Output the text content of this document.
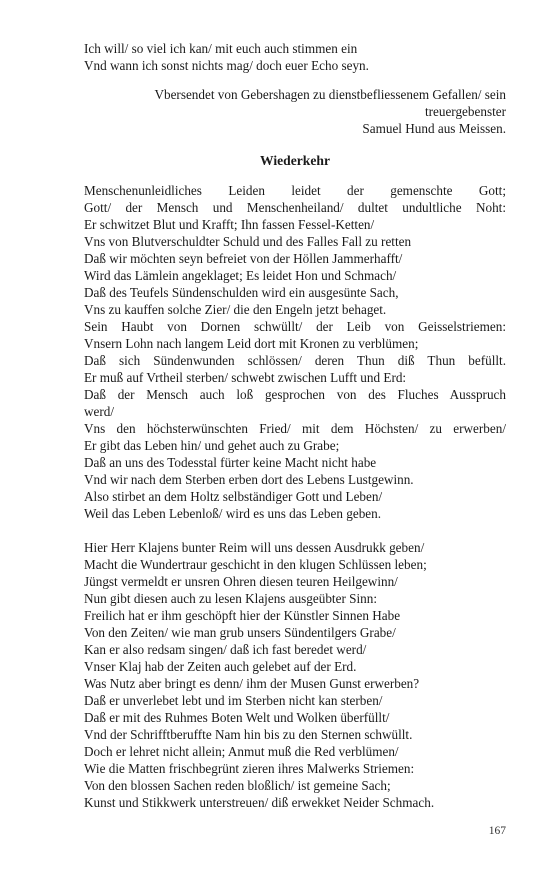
Ich will/ so viel ich kan/ mit euch auch stimmen ein
Vnd wann ich sonst nichts mag/ doch euer Echo seyn.
Vbersendet von Gebershagen zu dienstbefliessenem Gefallen/ sein
treuergebenster
Samuel Hund aus Meissen.
Wiederkehr
Menschenunleidliches Leiden leidet der gemenschte Gott;
Gott/ der Mensch und Menschenheiland/ dultet undultliche Noht:
Er schwitzet Blut und Krafft; Ihn fassen Fessel-Ketten/
Vns von Blutverschuldter Schuld und des Falles Fall zu retten
Daß wir möchten seyn befreiet von der Höllen Jammerhafft/
Wird das Lämlein angeklaget; Es leidet Hon und Schmach/
Daß des Teufels Sündenschulden wird ein ausgesünte Sach,
Vns zu kauffen solche Zier/ die den Engeln jetzt behaget.
Sein Haubt von Dornen schwüllt/ der Leib von Geisselstriemen:
Vnsern Lohn nach langem Leid dort mit Kronen zu verblümen;
Daß sich Sündenwunden schlössen/ deren Thun diß Thun befüllt.
Er muß auf Vrtheil sterben/ schwebt zwischen Lufft und Erd:
Daß der Mensch auch loß gesprochen von des Fluches Ausspruch
werd/
Vns den höchsterwünschten Fried/ mit dem Höchsten/ zu erwerben/
Er gibt das Leben hin/ und gehet auch zu Grabe;
Daß an uns des Todesstal fürter keine Macht nicht habe
Vnd wir nach dem Sterben erben dort des Lebens Lustgewinn.
Also stirbet an dem Holtz selbständiger Gott und Leben/
Weil das Leben Lebenloß/ wird es uns das Leben geben.
Hier Herr Klajens bunter Reim will uns dessen Ausdrukk geben/
Macht die Wundertraur geschicht in den klugen Schlüssen leben;
Jüngst vermeldt er unsren Ohren diesen teuren Heilgewinn/
Nun gibt diesen auch zu lesen Klajens ausgeübter Sinn:
Freilich hat er ihm geschöpft hier der Künstler Sinnen Habe
Von den Zeiten/ wie man grub unsers Sündentilgers Grabe/
Kan er also redsam singen/ daß ich fast beredet werd/
Vnser Klaj hab der Zeiten auch gelebet auf der Erd.
Was Nutz aber bringt es denn/ ihm der Musen Gunst erwerben?
Daß er unverlebet lebt und im Sterben nicht kan sterben/
Daß er mit des Ruhmes Boten Welt und Wolken überfüllt/
Vnd der Schrifftberuffte Nam hin bis zu den Sternen schwüllt.
Doch er lehret nicht allein; Anmut muß die Red verblümen/
Wie die Matten frischbegrünt zieren ihres Malwerks Striemen:
Von den blossen Sachen reden bloßlich/ ist gemeine Sach;
Kunst und Stikkwerk unterstreuen/ diß erwekket Neider Schmach.
167
